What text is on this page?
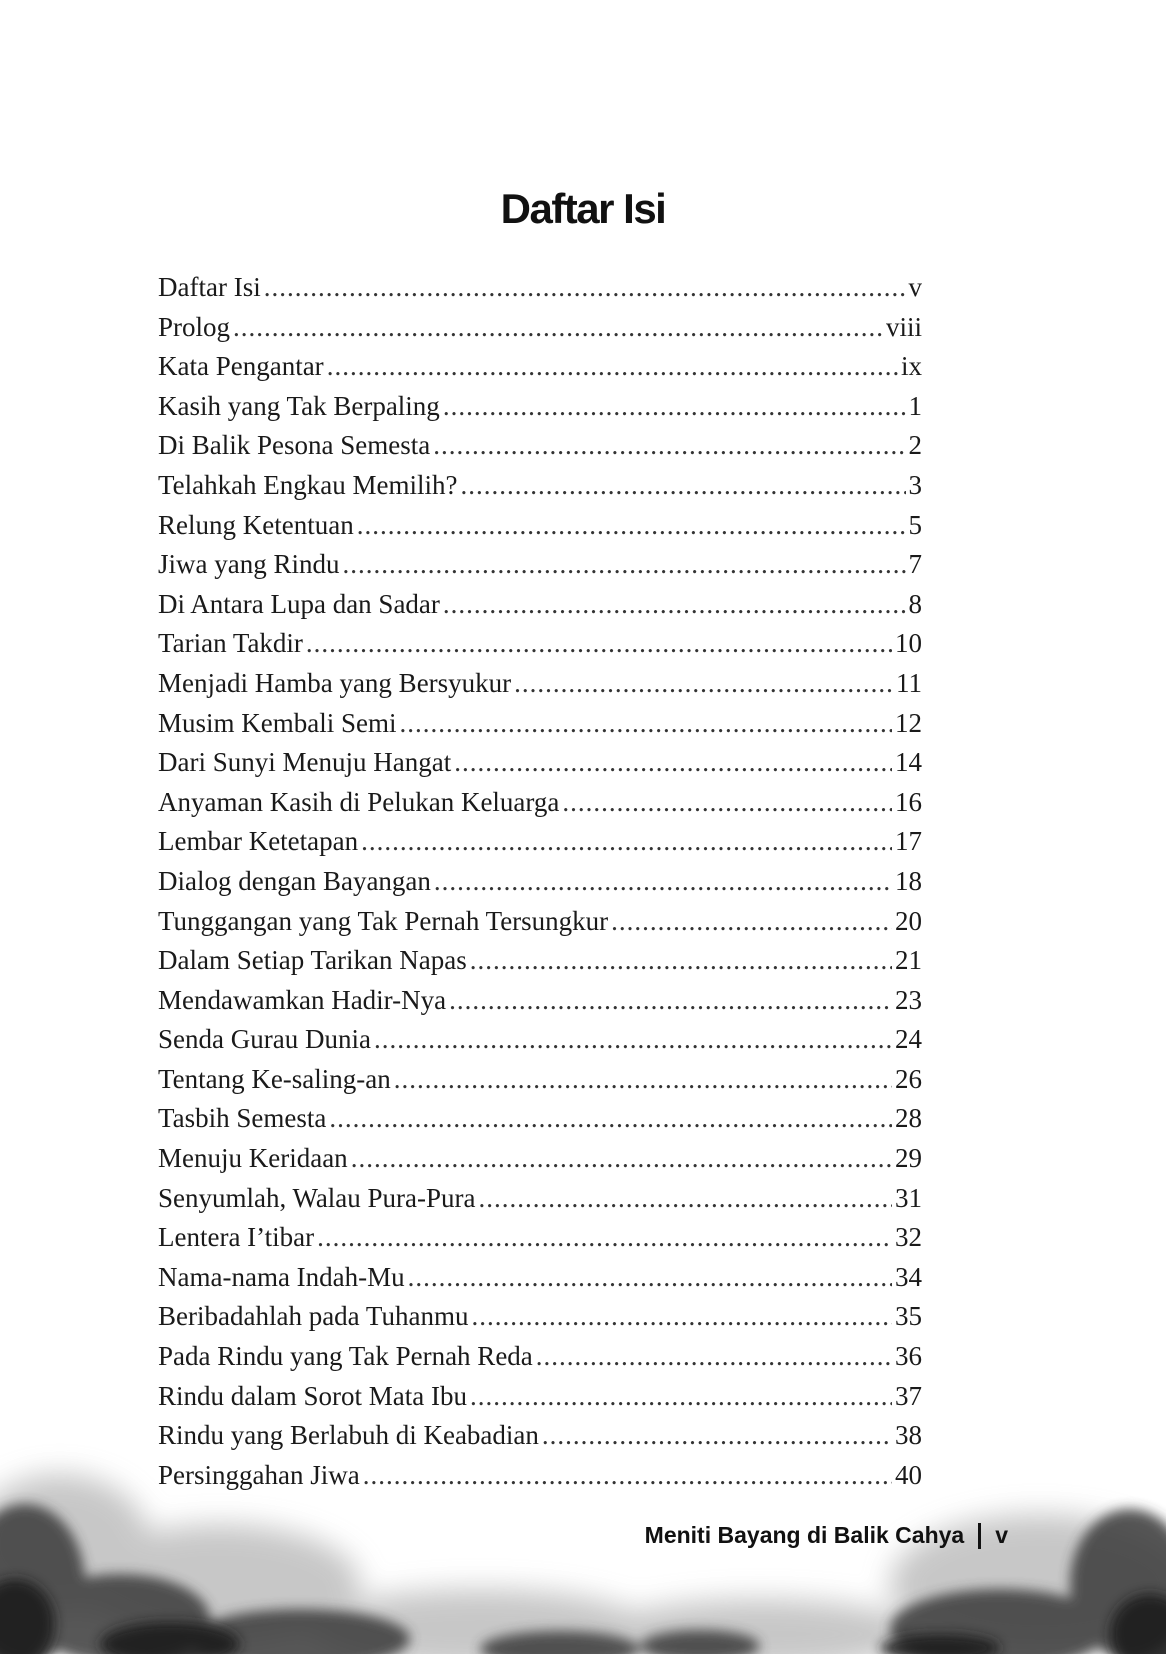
Daftar Isi
Daftar Isi .....	v
Prolog .....	viii
Kata Pengantar .....	ix
Kasih yang Tak Berpaling .....	1
Di Balik Pesona Semesta .....	2
Telahkah Engkau Memilih? .....	3
Relung Ketentuan .....	5
Jiwa yang Rindu .....	7
Di Antara Lupa dan Sadar .....	8
Tarian Takdir .....	10
Menjadi Hamba yang Bersyukur .....	11
Musim Kembali Semi .....	12
Dari Sunyi Menuju Hangat .....	14
Anyaman Kasih di Pelukan Keluarga .....	16
Lembar Ketetapan .....	17
Dialog dengan Bayangan .....	18
Tunggangan yang Tak Pernah Tersungkur .....	20
Dalam Setiap Tarikan Napas .....	21
Mendawamkan Hadir-Nya .....	23
Senda Gurau Dunia .....	24
Tentang Ke-saling-an .....	26
Tasbih Semesta .....	28
Menuju Keridaan .....	29
Senyumlah, Walau Pura-Pura .....	31
Lentera I’tibar .....	32
Nama-nama Indah-Mu .....	34
Beribadahlah pada Tuhanmu .....	35
Pada Rindu yang Tak Pernah Reda .....	36
Rindu dalam Sorot Mata Ibu .....	37
Rindu yang Berlabuh di Keabadian .....	38
Persinggahan Jiwa .....	40
Meniti Bayang di Balik Cahya v
